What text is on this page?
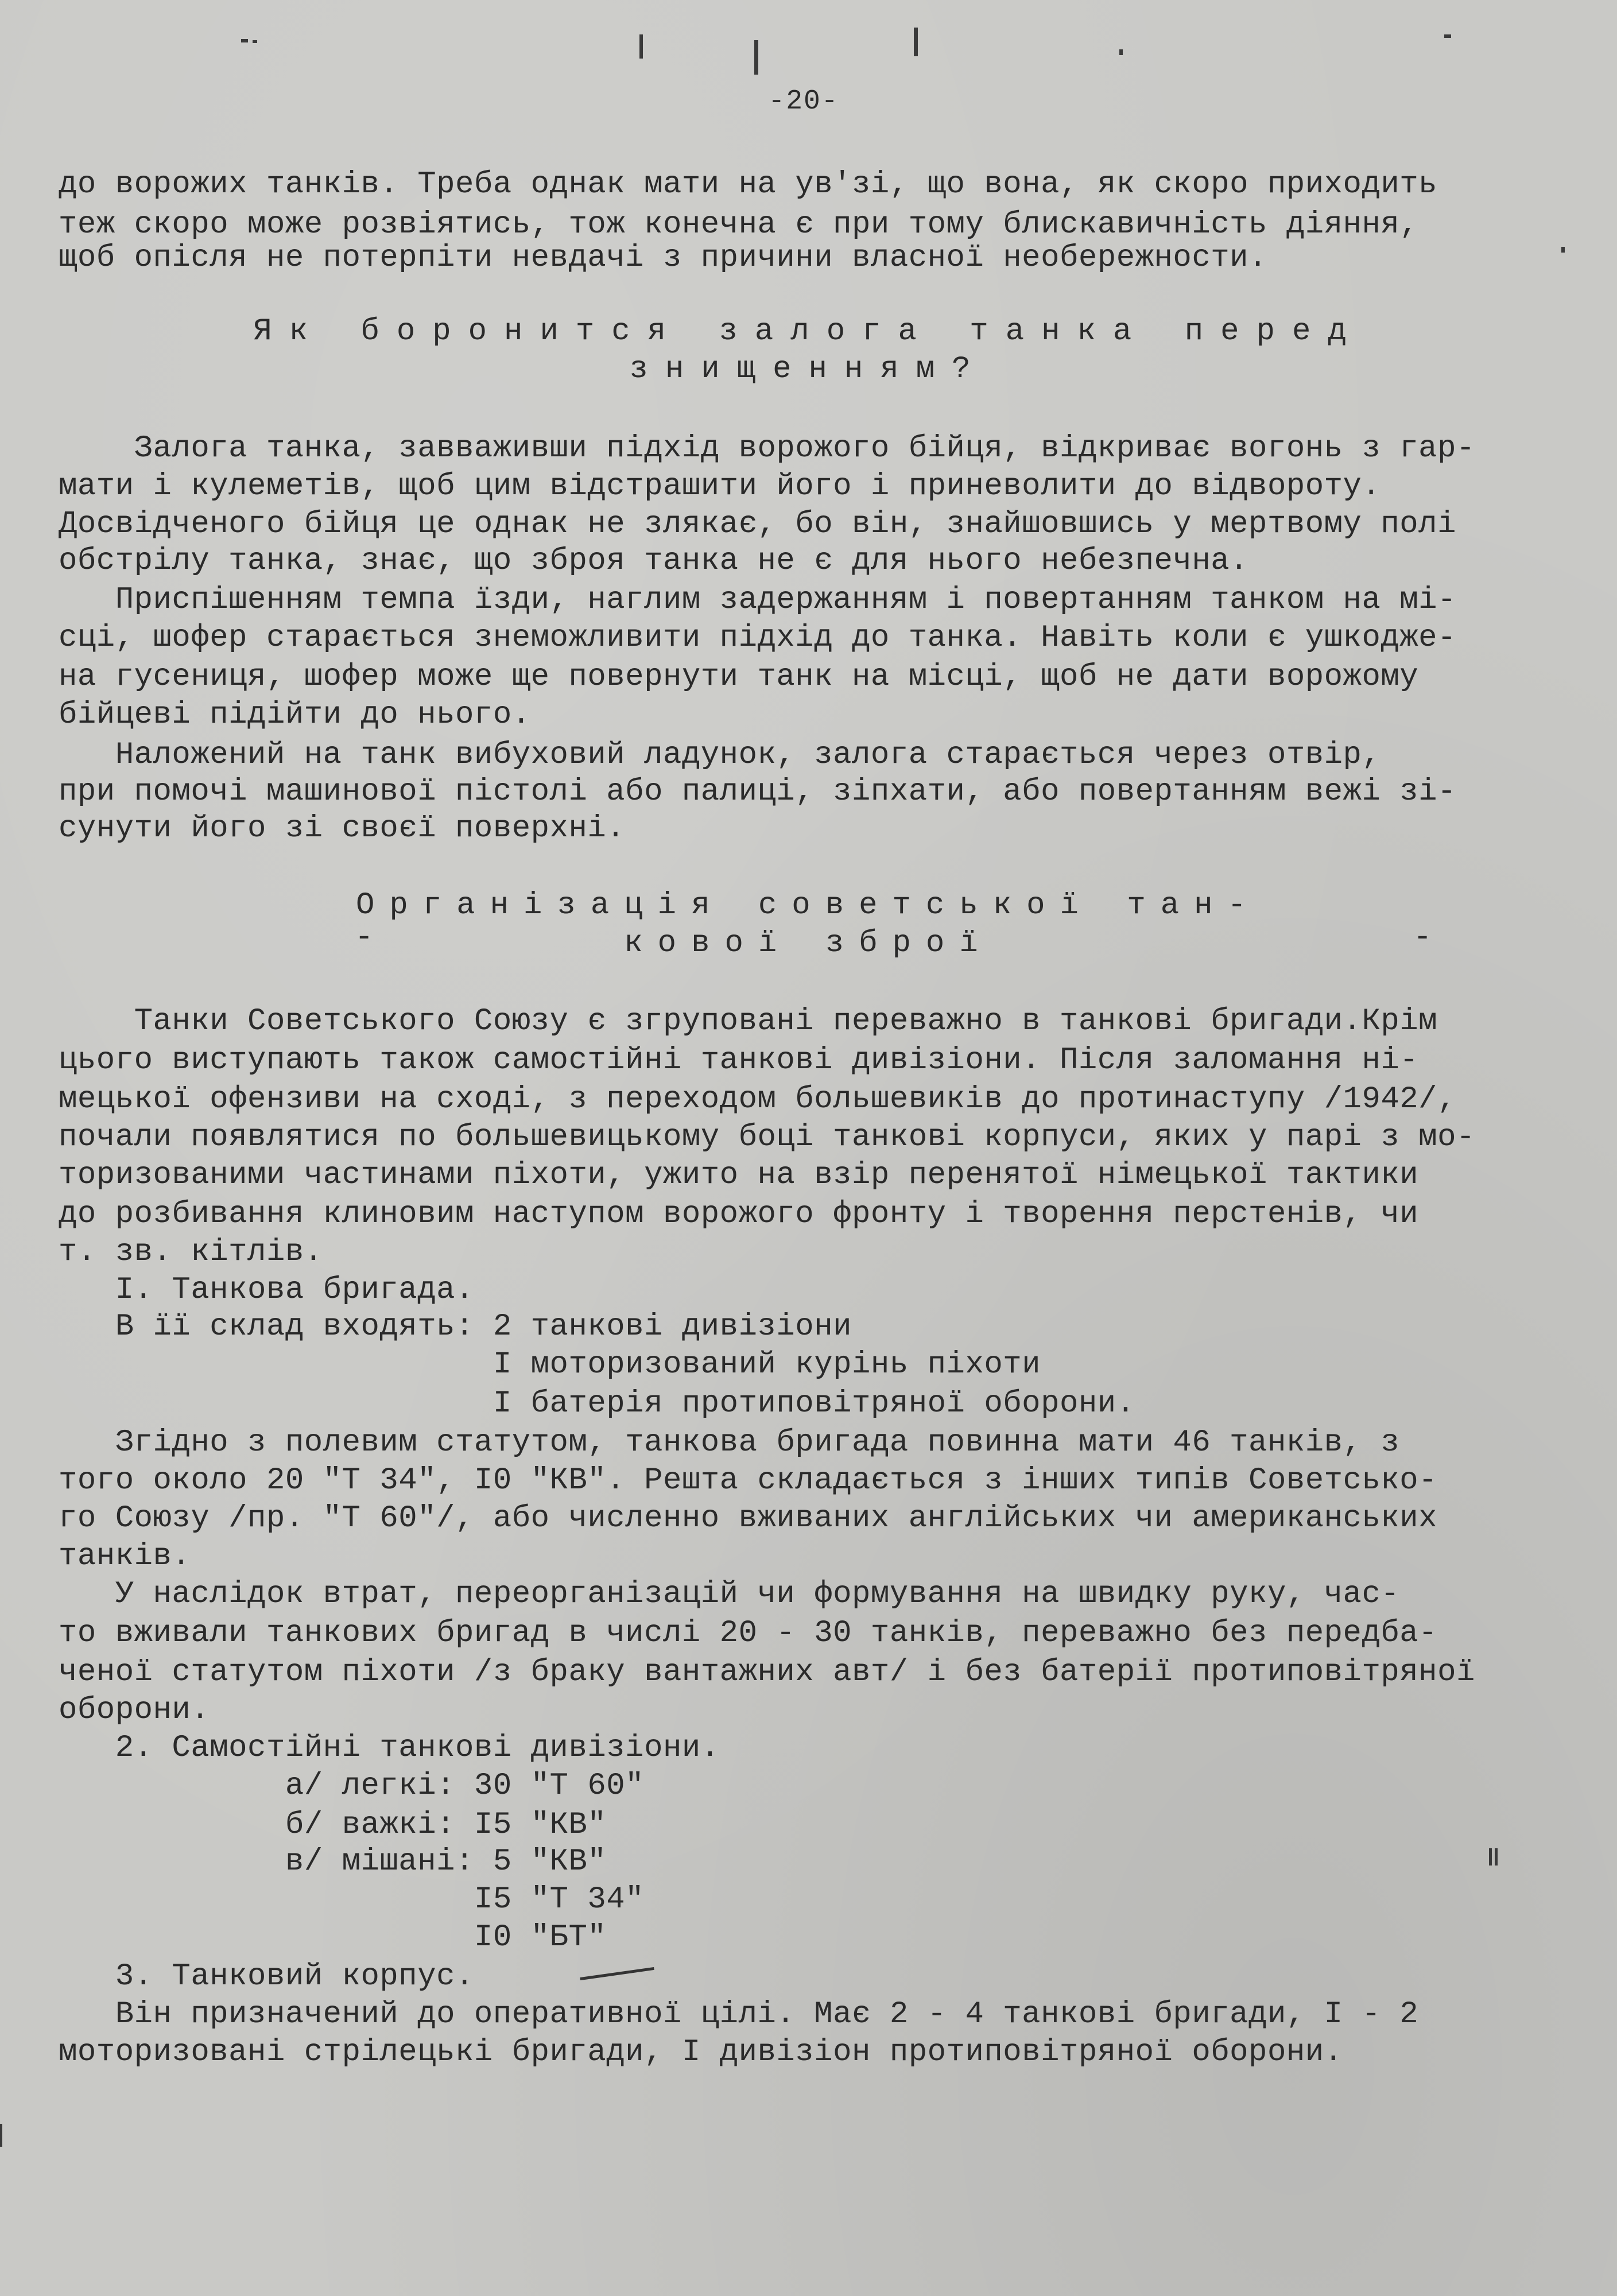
-20-
до ворожих танків. Треба однак мати на ув'зі, що вона, як скоро приходить
теж скоро може розвіятись, тож конечна є при тому блискавичність діяння,
щоб опісля не потерпіти невдачі з причини власної необережности.
Як боронится залога танка перед
знищенням?
Залога танка, завваживши підхід ворожого бійця, відкриває вогонь з гар-
мати і кулеметів, щоб цим відстрашити його і приневолити до відвороту.
Досвідченого бійця це однак не злякає, бо він, знайшовшись у мертвому полі
обстрілу танка, знає, що зброя танка не є для нього небезпечна.
Приспішенням темпа їзди, наглим задержанням і повертанням танком на мі-
сці, шофер старається знеможливити підхід до танка. Навіть коли є ушкодже-
на гусениця, шофер може ще повернути танк на місці, щоб не дати ворожому
бійцеві підійти до нього.
Наложений на танк вибуховий ладунок, залога старається через отвір,
при помочі машинової пістолі або палиці, зіпхати, або повертанням вежі зі-
сунути його зі своєї поверхні.
Організація советської тан-
-	кової зброї	-
Танки Советського Союзу є згруповані переважно в танкові бригади.Крім
цього виступають також самостійні танкові дивізіони. Після заломання ні-
мецької офензиви на сході, з переходом большевиків до протинаступу /1942/,
почали появлятися по большевицькому боці танкові корпуси, яких у парі з мо-
торизованими частинами піхоти, ужито на взір перенятої німецької тактики
до розбивання клиновим наступом ворожого фронту і творення перстенів, чи
т. зв. кітлів.
I. Танкова бригада.
В її склад входять: 2 танкові дивізіони
I моторизований курінь піхоти
I батерія протиповітряної оборони.
Згідно з полевим статутом, танкова бригада повинна мати 46 танків, з
того около 20 "Т 34", I0 "КВ". Решта складається з інших типів Советсько-
го Союзу /пр. "Т 60"/, або численно вживаних англійських чи американських
танків.
У наслідок втрат, переорганізацій чи формування на швидку руку, час-
то вживали танкових бригад в числі 20 - 30 танків, переважно без передба-
ченої статутом піхоти /з браку вантажних авт/ і без батерії протиповітряної
оборони.
2. Самостійні танкові дивізіони.
а/ легкі: 30 "Т 60"
б/ важкі: I5 "КВ"
в/ мішані: 5 "КВ"
I5 "Т 34"
I0 "БТ"
3. Танковий корпус.
Він призначений до оперативної цілі. Має 2 - 4 танкові бригади, I - 2
моторизовані стрілецькі бригади, I дивізіон протиповітряної оборони.
